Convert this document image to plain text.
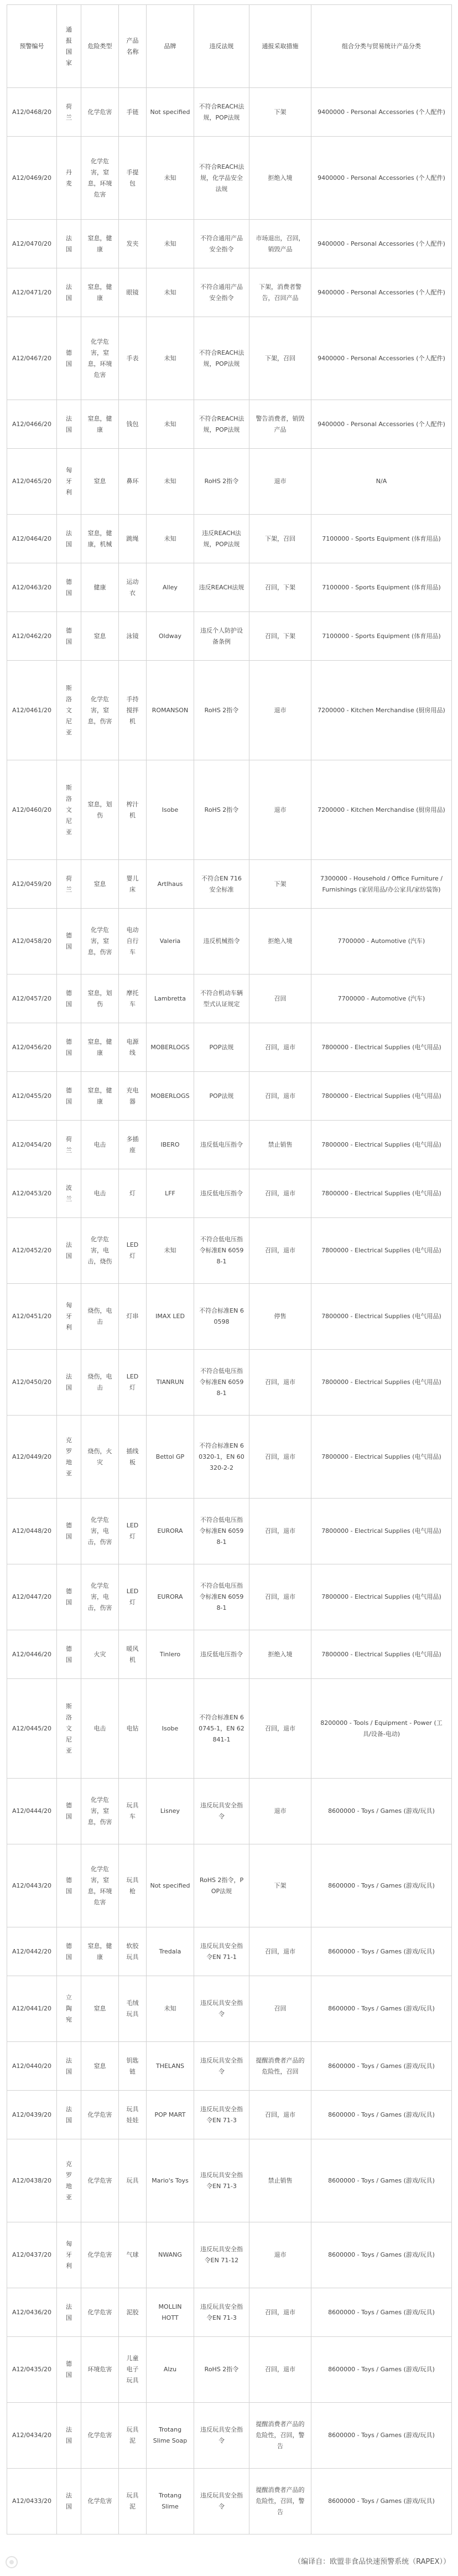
预警编号	通报国家	危险类型	产品名称	品牌	违反法规	通报采取措施	组合分类与贸易统计产品分类
A12/0468/20	荷兰	化学危害	手链	Not specified	不符合REACH法规，POP法规	下架	9400000 - Personal Accessories (个人配件)
A12/0469/20	丹麦	化学危害，窒息，环境危害	手提包	未知	不符合REACH法规，化学品安全法规	拒绝入境	9400000 - Personal Accessories (个人配件)
A12/0470/20	法国	窒息，健康	发夹	未知	不符合通用产品安全指令	市场退出，召回，销毁产品	9400000 - Personal Accessories (个人配件)
A12/0471/20	法国	窒息，健康	眼镜	未知	不符合通用产品安全指令	下架，消费者警告，召回产品	9400000 - Personal Accessories (个人配件)
A12/0467/20	德国	化学危害，窒息，环境危害	手表	未知	不符合REACH法规，POP法规	下架，召回	9400000 - Personal Accessories (个人配件)
A12/0466/20	法国	窒息，健康	钱包	未知	不符合REACH法规，POP法规	警告消费者，销毁产品	9400000 - Personal Accessories (个人配件)
A12/0465/20	匈牙利	窒息	鼻环	未知	RoHS 2指令	退市	N/A
A12/0464/20	法国	窒息，健康，机械	跳绳	未知	违反REACH法规，POP法规	下架，召回	7100000 - Sports Equipment (体育用品)
A12/0463/20	德国	健康	运动衣	Alley	违反REACH法规	召回，下架	7100000 - Sports Equipment (体育用品)
A12/0462/20	德国	窒息	泳镜	Oldway	违反个人防护设备条例	召回，下架	7100000 - Sports Equipment (体育用品)
A12/0461/20	斯洛文尼亚	化学危害，窒息，伤害	手持搅拌机	ROMANSON	RoHS 2指令	退市	7200000 - Kitchen Merchandise (厨房用品)
A12/0460/20	斯洛文尼亚	窒息，划伤	榨汁机	Isobe	RoHS 2指令	退市	7200000 - Kitchen Merchandise (厨房用品)
A12/0459/20	荷兰	窒息	婴儿床	Artlhaus	不符合EN 716安全标准	下架	7300000 - Household / Office Furniture / Furnishings (家居用品/办公家具/家纺装饰)
A12/0458/20	德国	化学危害，窒息，伤害	电动自行车	Valeria	违反机械指令	拒绝入境	7700000 - Automotive (汽车)
A12/0457/20	德国	窒息，划伤	摩托车	Lambretta	不符合机动车辆型式认证规定	召回	7700000 - Automotive (汽车)
A12/0456/20	德国	窒息，健康	电源线	MOBERLOGS	POP法规	召回，退市	7800000 - Electrical Supplies (电气用品)
A12/0455/20	德国	窒息，健康	充电器	MOBERLOGS	POP法规	召回，退市	7800000 - Electrical Supplies (电气用品)
A12/0454/20	荷兰	电击	多插座	IBERO	违反低电压指令	禁止销售	7800000 - Electrical Supplies (电气用品)
A12/0453/20	波兰	电击	灯	LFF	违反低电压指令	召回，退市	7800000 - Electrical Supplies (电气用品)
A12/0452/20	法国	化学危害，电击，烧伤	LED灯	未知	不符合低电压指令标准EN 60598-1	召回，退市	7800000 - Electrical Supplies (电气用品)
A12/0451/20	匈牙利	烧伤，电击	灯串	IMAX LED	不符合标准EN 60598	停售	7800000 - Electrical Supplies (电气用品)
A12/0450/20	法国	烧伤，电击	LED灯	TIANRUN	不符合低电压指令标准EN 60598-1	召回，退市	7800000 - Electrical Supplies (电气用品)
A12/0449/20	克罗地亚	烧伤，火灾	插线板	Bettol GP	不符合标准EN 60320-1，EN 60320-2-2	召回，退市	7800000 - Electrical Supplies (电气用品)
A12/0448/20	德国	化学危害，电击，伤害	LED灯	EURORA	不符合低电压指令标准EN 60598-1	召回，退市	7800000 - Electrical Supplies (电气用品)
A12/0447/20	德国	化学危害，电击，伤害	LED灯	EURORA	不符合低电压指令标准EN 60598-1	召回，退市	7800000 - Electrical Supplies (电气用品)
A12/0446/20	德国	火灾	暖风机	Tinlero	违反低电压指令	拒绝入境	7800000 - Electrical Supplies (电气用品)
A12/0445/20	斯洛文尼亚	电击	电钻	Isobe	不符合标准EN 60745-1，EN 62841-1	召回，退市	8200000 - Tools / Equipment - Power (工具/设备-电动)
A12/0444/20	德国	化学危害，窒息，伤害	玩具车	Lisney	违反玩具安全指令	退市	8600000 - Toys / Games (游戏/玩具)
A12/0443/20	德国	化学危害，窒息，环境危害	玩具枪	Not specified	RoHS 2指令，POP法规	下架	8600000 - Toys / Games (游戏/玩具)
A12/0442/20	德国	窒息，健康	软胶玩具	Tredala	违反玩具安全指令EN 71-1	召回，退市	8600000 - Toys / Games (游戏/玩具)
A12/0441/20	立陶宛	窒息	毛绒玩具	未知	违反玩具安全指令	召回	8600000 - Toys / Games (游戏/玩具)
A12/0440/20	法国	窒息	钥匙链	THELANS	违反玩具安全指令	提醒消费者产品的危险性，召回	8600000 - Toys / Games (游戏/玩具)
A12/0439/20	法国	化学危害	玩具娃娃	POP MART	违反玩具安全指令EN 71-3	召回，退市	8600000 - Toys / Games (游戏/玩具)
A12/0438/20	克罗地亚	化学危害	玩具	Mario's Toys	违反玩具安全指令EN 71-3	禁止销售	8600000 - Toys / Games (游戏/玩具)
A12/0437/20	匈牙利	化学危害	气球	NWANG	违反玩具安全指令EN 71-12	退市	8600000 - Toys / Games (游戏/玩具)
A12/0436/20	法国	化学危害	泥胶	MOLLIN HOTT	违反玩具安全指令EN 71-3	召回，退市	8600000 - Toys / Games (游戏/玩具)
A12/0435/20	德国	环境危害	儿童电子玩具	Alzu	RoHS 2指令	召回，退市	8600000 - Toys / Games (游戏/玩具)
A12/0434/20	法国	化学危害	玩具泥	Trotang Slime Soap	违反玩具安全指令	提醒消费者产品的危险性，召回，警告	8600000 - Toys / Games (游戏/玩具)
A12/0433/20	法国	化学危害	玩具泥	Trotang Slime	违反玩具安全指令	提醒消费者产品的危险性，召回，警告	8600000 - Toys / Games (游戏/玩具)
（编译自：欧盟非食品快速预警系统（RAPEX））
